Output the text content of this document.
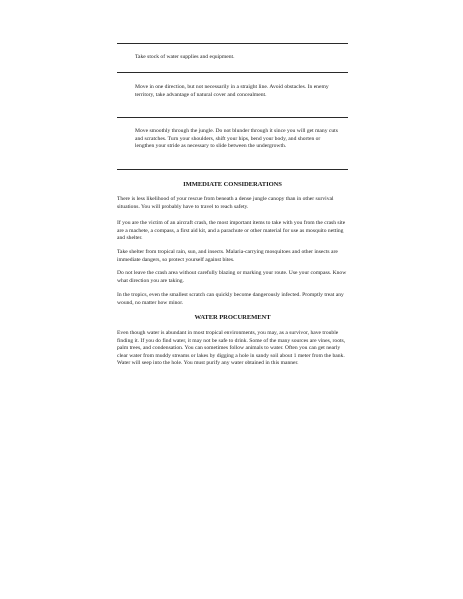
Take stock of water supplies and equipment.

Move in one direction, but not necessarily in a straight line. Avoid obstacles. In enemy territory, take advantage of natural cover and concealment.

Move smoothly through the jungle. Do not blunder through it since you will get many cuts and scratches. Turn your shoulders, shift your hips, bend your body, and shorten or lengthen your stride as necessary to slide between the undergrowth.

IMMEDIATE CONSIDERATIONS

There is less likelihood of your rescue from beneath a dense jungle canopy than in other survival situations. You will probably have to travel to reach safety.

If you are the victim of an aircraft crash, the most important items to take with you from the crash site are a machete, a compass, a first aid kit, and a parachute or other material for use as mosquito netting and shelter.

Take shelter from tropical rain, sun, and insects. Malaria-carrying mosquitoes and other insects are immediate dangers, so protect yourself against bites.

Do not leave the crash area without carefully blazing or marking your route. Use your compass. Know what direction you are taking.

In the tropics, even the smallest scratch can quickly become dangerously infected. Promptly treat any wound, no matter how minor.

WATER PROCUREMENT

Even though water is abundant in most tropical environments, you may, as a survivor, have trouble finding it. If you do find water, it may not be safe to drink. Some of the many sources are vines, roots, palm trees, and condensation. You can sometimes follow animals to water. Often you can get nearly clear water from muddy streams or lakes by digging a hole in sandy soil about 1 meter from the bank. Water will seep into the hole. You must purify any water obtained in this manner.
